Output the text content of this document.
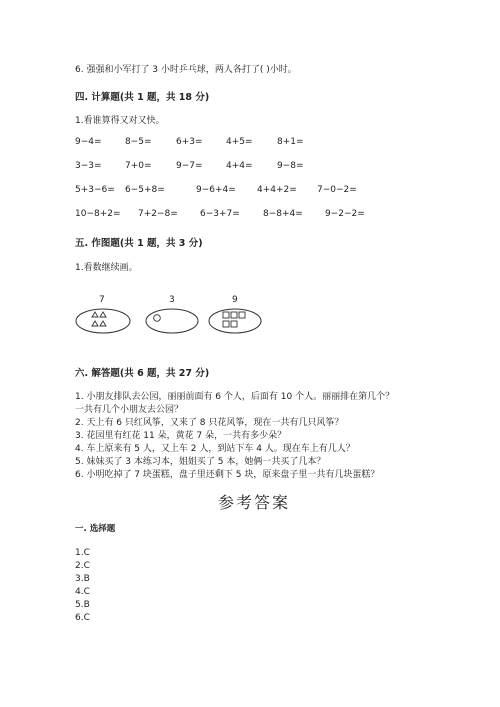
6. 强强和小军打了 3 小时乒乓球，两人各打了( )小时。
四. 计算题(共 1 题，共 18 分)
1.看谁算得又对又快。
9−4=	8−5=	6+3=	4+5=	8+1=
3−3=	7+0=	9−7=	4+4=	9−8=
5+3−6= 6−5+8=	9−6+4= 4+4+2= 7−0−2=
10−8+2= 7+2−8= 6−3+7=	8−8+4= 9−2−2=
五. 作图题(共 1 题，共 3 分)
1.看数继续画。
7	3	9
六. 解答题(共 6 题，共 27 分)
1. 小朋友排队去公园，丽丽前面有 6 个人，后面有 10 个人。丽丽排在第几个？
一共有几个小朋友去公园？
2. 天上有 6 只红风筝，又来了 8 只花风筝，现在一共有几只风筝？
3. 花园里有红花 11 朵，黄花 7 朵，一共有多少朵？
4. 车上原来有 5 人，又上车 2 人，到站下车 4 人。现在车上有几人？
5. 妹妹买了 3 本练习本，姐姐买了 5 本，她俩一共买了几本？
6. 小明吃掉了 7 块蛋糕，盘子里还剩下 5 块，原来盘子里一共有几块蛋糕？
参考答案
一. 选择题
1.C
2.C
3.B
4.C
5.B
6.C
